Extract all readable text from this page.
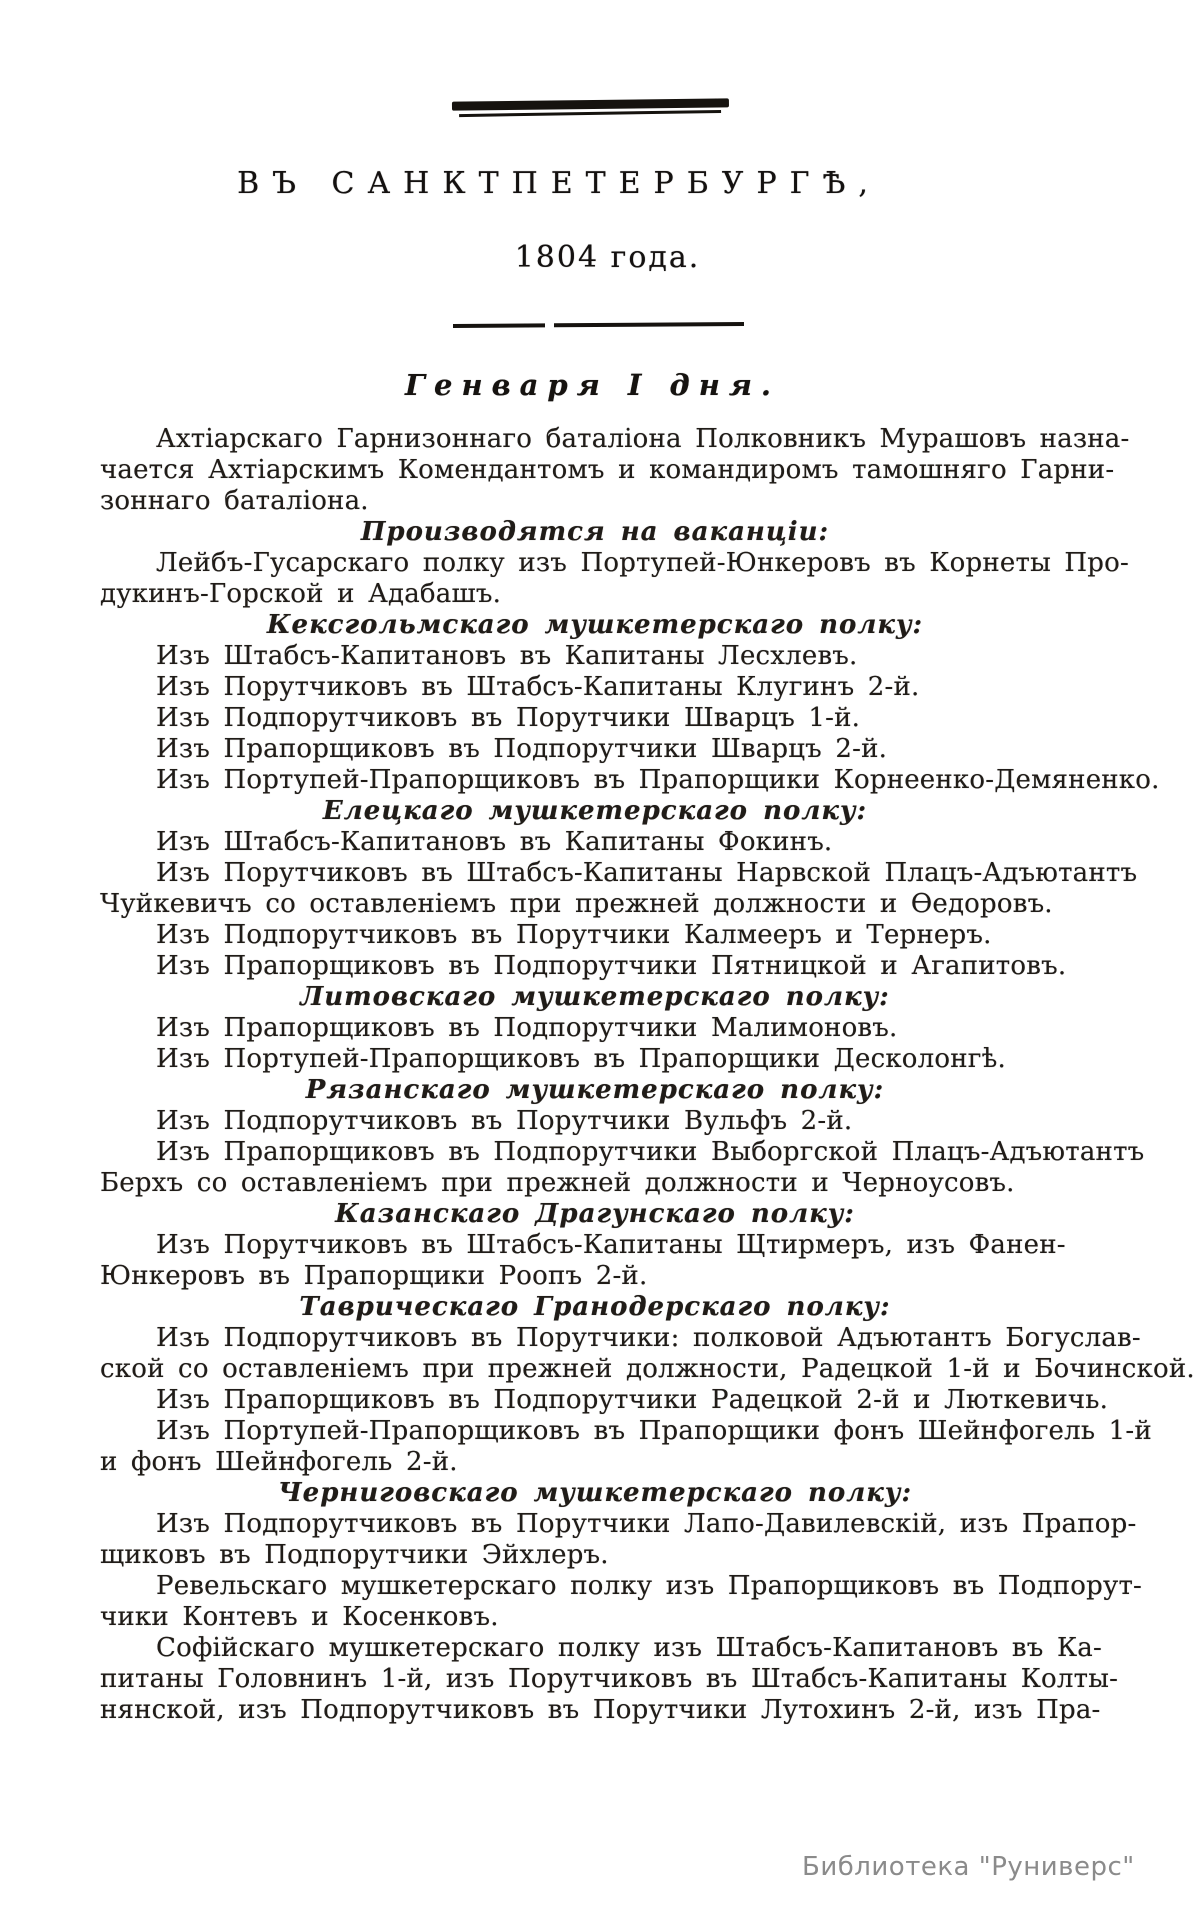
ВЪ САНКТПЕТЕРБУРГѢ,
1804 года.
Генваря I дня.
Ахтіарскаго Гарнизоннаго баталіона Полковникъ Мурашовъ назна-
чается Ахтіарскимъ Комендантомъ и командиромъ тамошняго Гарни-
зоннаго баталіона.
Производятся на ваканціи:
Лейбъ-Гусарскаго полку изъ Портупей-Юнкеровъ въ Корнеты Про-
дукинъ-Горской и Адабашъ.
Кексгольмскаго мушкетерскаго полку:
Изъ Штабсъ-Капитановъ въ Капитаны Лесхлевъ.
Изъ Порутчиковъ въ Штабсъ-Капитаны Клугинъ 2-й.
Изъ Подпорутчиковъ въ Порутчики Шварцъ 1-й.
Изъ Прапорщиковъ въ Подпорутчики Шварцъ 2-й.
Изъ Портупей-Прапорщиковъ въ Прапорщики Корнеенко-Демяненко.
Елецкаго мушкетерскаго полку:
Изъ Штабсъ-Капитановъ въ Капитаны Фокинъ.
Изъ Порутчиковъ въ Штабсъ-Капитаны Нарвской Плацъ-Адъютантъ
Чуйкевичъ со оставленіемъ при прежней должности и Ѳедоровъ.
Изъ Подпорутчиковъ въ Порутчики Калмееръ и Тернеръ.
Изъ Прапорщиковъ въ Подпорутчики Пятницкой и Агапитовъ.
Литовскаго мушкетерскаго полку:
Изъ Прапорщиковъ въ Подпорутчики Малимоновъ.
Изъ Портупей-Прапорщиковъ въ Прапорщики Десколонгѣ.
Рязанскаго мушкетерскаго полку:
Изъ Подпорутчиковъ въ Порутчики Вульфъ 2-й.
Изъ Прапорщиковъ въ Подпорутчики Выборгской Плацъ-Адъютантъ
Берхъ со оставленіемъ при прежней должности и Черноусовъ.
Казанскаго Драгунскаго полку:
Изъ Порутчиковъ въ Штабсъ-Капитаны Щтирмеръ, изъ Фанен-
Юнкеровъ въ Прапорщики Роопъ 2-й.
Таврическаго Гранодерскаго полку:
Изъ Подпорутчиковъ въ Порутчики: полковой Адъютантъ Богуслав-
ской со оставленіемъ при прежней должности, Радецкой 1-й и Бочинской.
Изъ Прапорщиковъ въ Подпорутчики Радецкой 2-й и Люткевичь.
Изъ Портупей-Прапорщиковъ въ Прапорщики фонъ Шейнфогель 1-й
и фонъ Шейнфогель 2-й.
Черниговскаго мушкетерскаго полку:
Изъ Подпорутчиковъ въ Порутчики Лапо-Давилевскій, изъ Прапор-
щиковъ въ Подпорутчики Эйхлеръ.
Ревельскаго мушкетерскаго полку изъ Прапорщиковъ въ Подпорут-
чики Контевъ и Косенковъ.
Софійскаго мушкетерскаго полку изъ Штабсъ-Капитановъ въ Ка-
питаны Головнинъ 1-й, изъ Порутчиковъ въ Штабсъ-Капитаны Колты-
нянской, изъ Подпорутчиковъ въ Порутчики Лутохинъ 2-й, изъ Пра-
Библиотека "Руниверс"
